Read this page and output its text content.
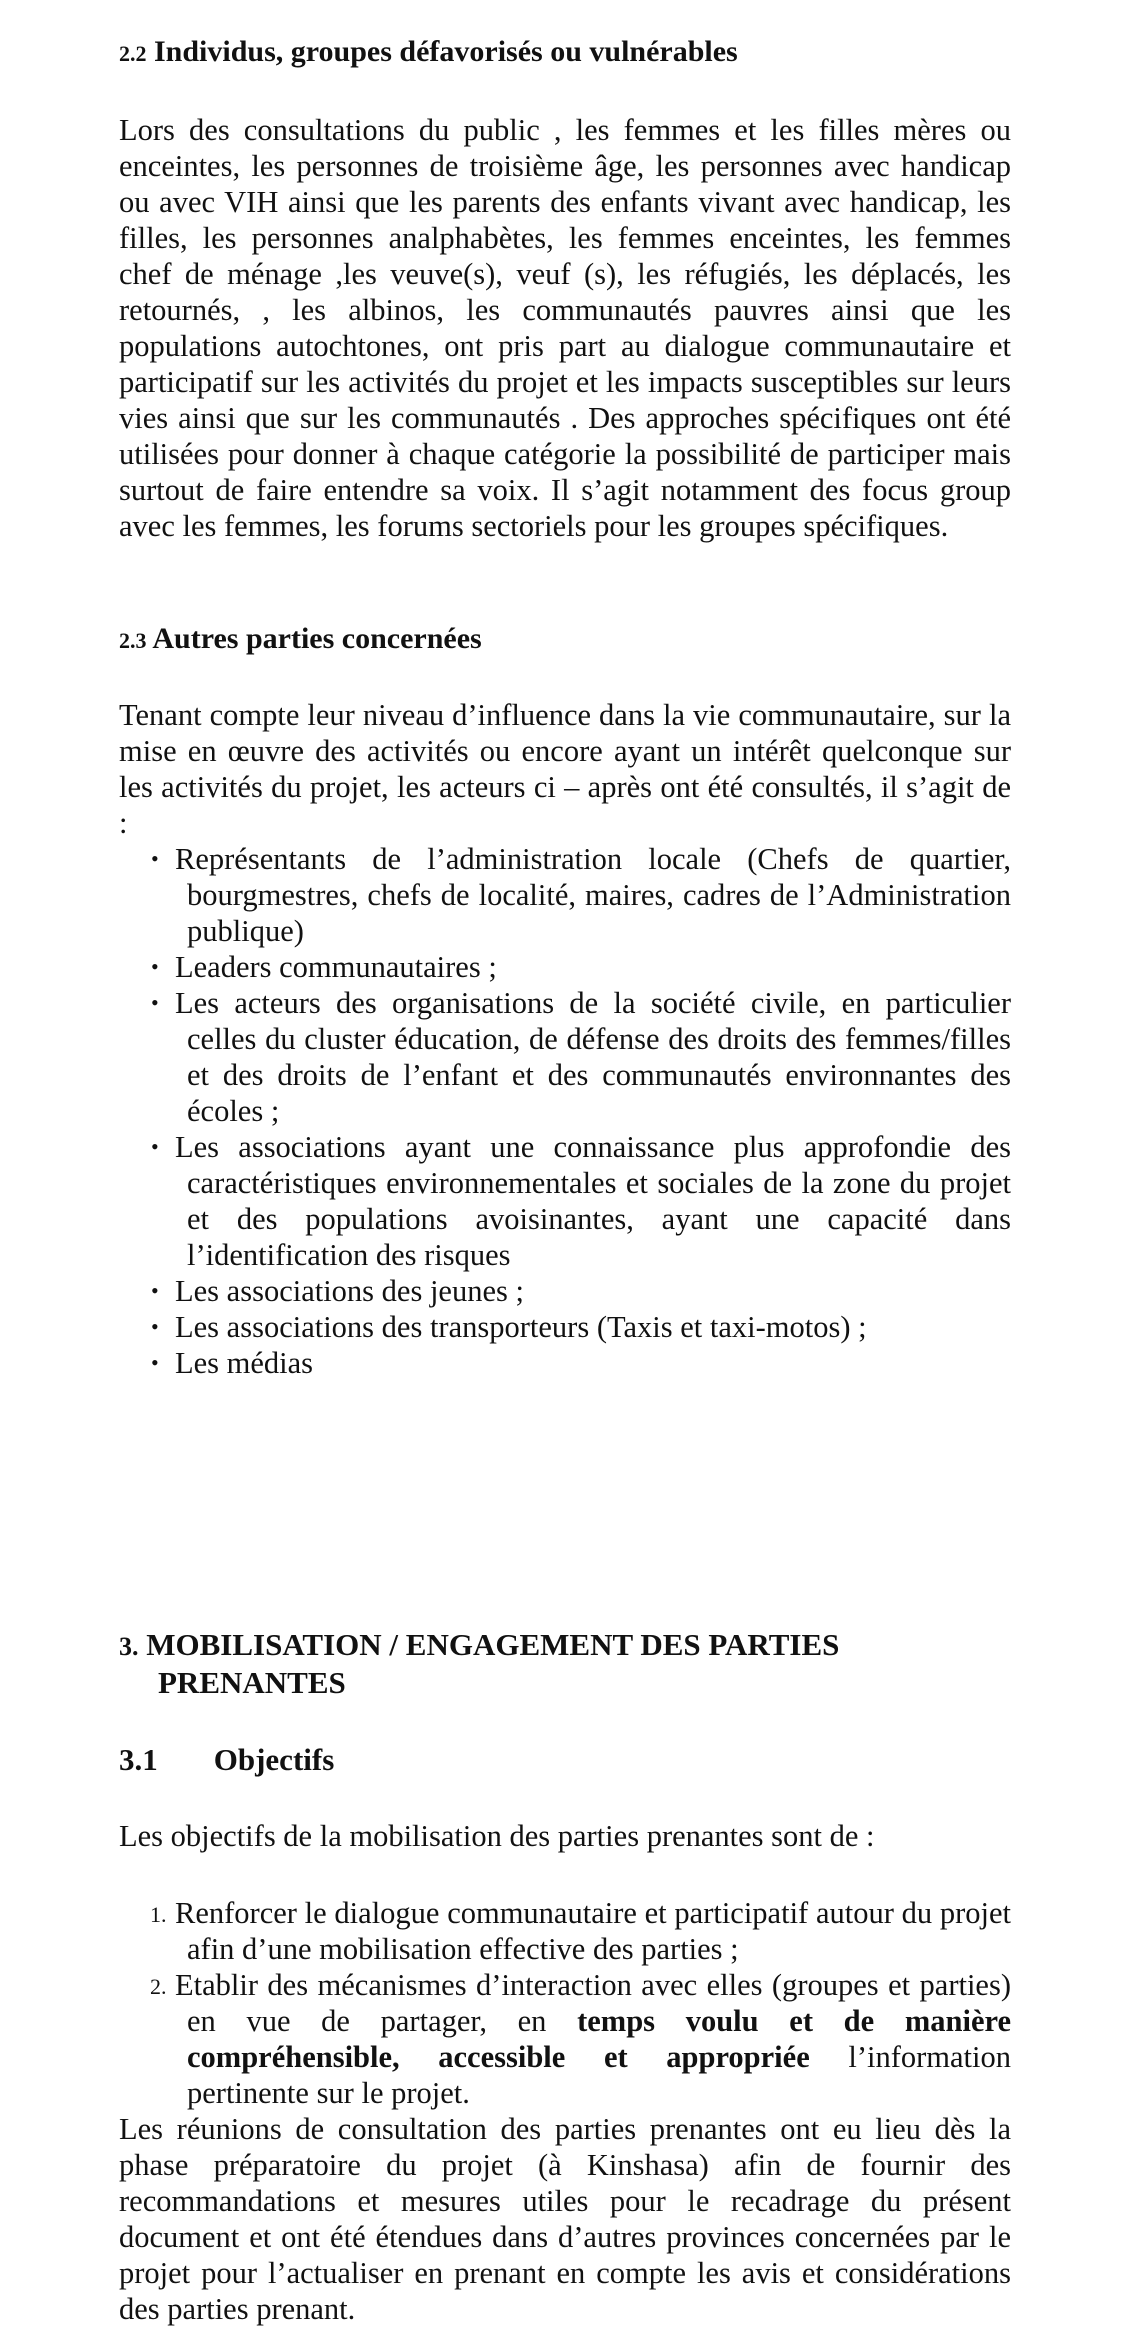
2.2 Individus, groupes défavorisés ou vulnérables

Lors des consultations du public , les femmes et les filles mères ou enceintes, les personnes de troisième âge, les personnes avec handicap ou avec VIH ainsi que les parents des enfants vivant avec handicap, les filles, les personnes analphabètes, les femmes enceintes, les femmes chef de ménage ,les veuve(s), veuf (s), les réfugiés, les déplacés, les retournés, , les albinos, les communautés pauvres ainsi que les populations autochtones, ont pris part au dialogue communautaire et participatif sur les activités du projet et les impacts susceptibles sur leurs vies ainsi que sur les communautés . Des approches spécifiques ont été utilisées pour donner à chaque catégorie la possibilité de participer mais surtout de faire entendre sa voix. Il s’agit notamment des focus group avec les femmes, les forums sectoriels pour les groupes spécifiques.

2.3 Autres parties concernées

Tenant compte leur niveau d’influence dans la vie communautaire, sur la mise en œuvre des activités ou encore ayant un intérêt quelconque sur les activités du projet, les acteurs ci – après ont été consultés, il s’agit de :

• Représentants de l’administration locale (Chefs de quartier, bourgmestres, chefs de localité, maires, cadres de l’Administration publique)
• Leaders communautaires ;
• Les acteurs des organisations de la société civile, en particulier celles du cluster éducation, de défense des droits des femmes/filles et des droits de l’enfant et des communautés environnantes des écoles ;
• Les associations ayant une connaissance plus approfondie des caractéristiques environnementales et sociales de la zone du projet et des populations avoisinantes, ayant une capacité dans l’identification des risques
• Les associations des jeunes ;
• Les associations des transporteurs (Taxis et taxi-motos) ;
• Les médias
3. MOBILISATION / ENGAGEMENT DES PARTIES
PRENANTES
3.1 Objectifs

Les objectifs de la mobilisation des parties prenantes sont de :

1. Renforcer le dialogue communautaire et participatif autour du projet afin d’une mobilisation effective des parties ;
2. Etablir des mécanismes d’interaction avec elles (groupes et parties) en vue de partager, en temps voulu et de manière compréhensible, accessible et appropriée l’information pertinente sur le projet.

Les réunions de consultation des parties prenantes ont eu lieu dès la phase préparatoire du projet (à Kinshasa) afin de fournir des recommandations et mesures utiles pour le recadrage du présent document et ont été étendues dans d’autres provinces concernées par le projet pour l’actualiser en prenant en compte les avis et considérations des parties prenant.
